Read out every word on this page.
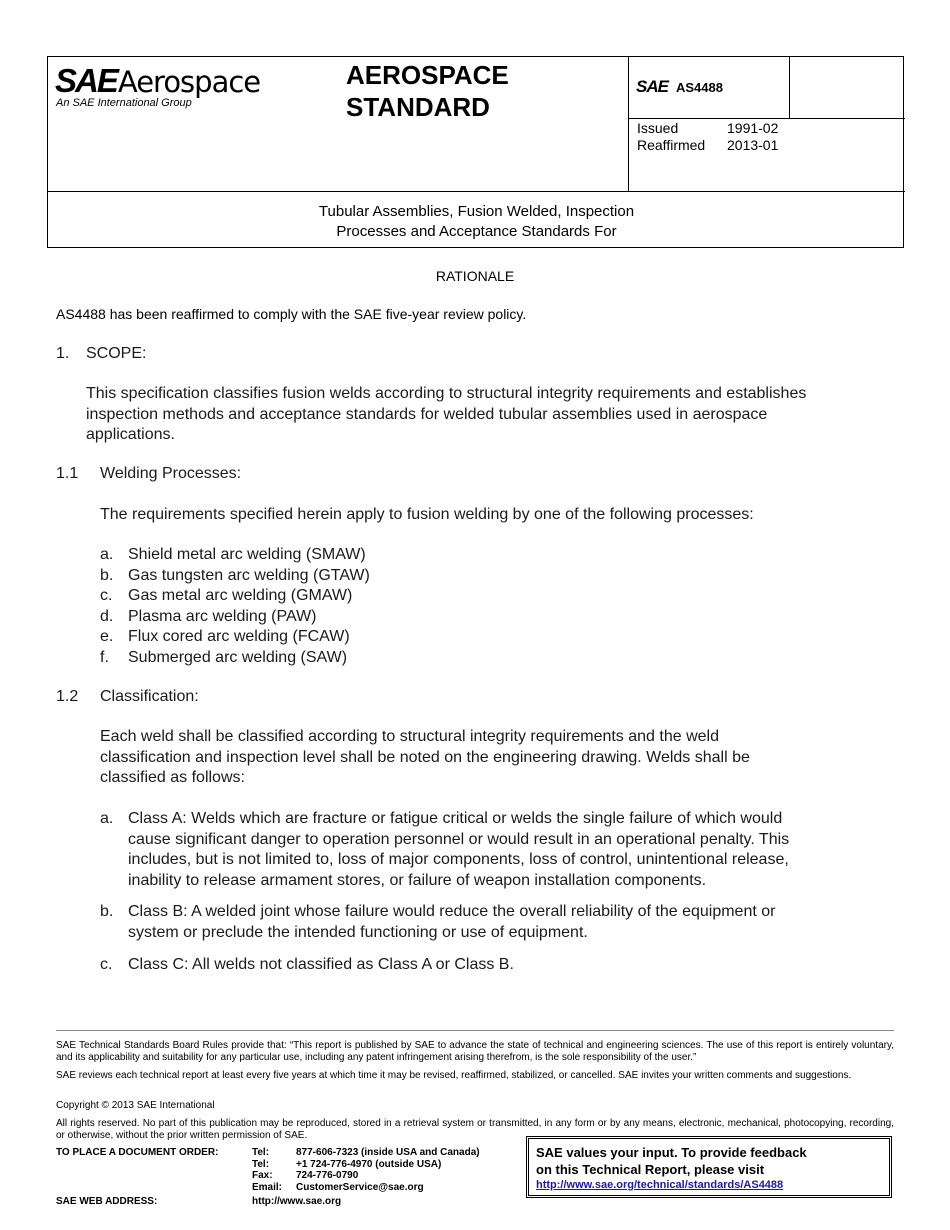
SAE Aerospace
An SAE International Group
AEROSPACE
STANDARD
SAE AS4488
Issued	1991-02
Reaffirmed	2013-01
Tubular Assemblies, Fusion Welded, Inspection
Processes and Acceptance Standards For
RATIONALE
AS4488 has been reaffirmed to comply with the SAE five-year review policy.
1. SCOPE:
This specification classifies fusion welds according to structural integrity requirements and establishes
inspection methods and acceptance standards for welded tubular assemblies used in aerospace
applications.
1.1 Welding Processes:
The requirements specified herein apply to fusion welding by one of the following processes:
a. Shield metal arc welding (SMAW)
b. Gas tungsten arc welding (GTAW)
c. Gas metal arc welding (GMAW)
d. Plasma arc welding (PAW)
e. Flux cored arc welding (FCAW)
f.	Submerged arc welding (SAW)
1.2 Classification:
Each weld shall be classified according to structural integrity requirements and the weld
classification and inspection level shall be noted on the engineering drawing. Welds shall be
classified as follows:
a. Class A: Welds which are fracture or fatigue critical or welds the single failure of which would
cause significant danger to operation personnel or would result in an operational penalty. This
includes, but is not limited to, loss of major components, loss of control, unintentional release,
inability to release armament stores, or failure of weapon installation components.
b. Class B: A welded joint whose failure would reduce the overall reliability of the equipment or
system or preclude the intended functioning or use of equipment.
c. Class C: All welds not classified as Class A or Class B.
SAE Technical Standards Board Rules provide that: “This report is published by SAE to advance the state of technical and engineering sciences. The use of this report is entirely voluntary, and its applicability and suitability for any particular use, including any patent infringement arising therefrom, is the sole responsibility of the user.”
SAE reviews each technical report at least every five years at which time it may be revised, reaffirmed, stabilized, or cancelled. SAE invites your written comments and suggestions.
Copyright © 2013 SAE International
All rights reserved. No part of this publication may be reproduced, stored in a retrieval system or transmitted, in any form or by any means, electronic, mechanical, photocopying, recording, or otherwise, without the prior written permission of SAE.
TO PLACE A DOCUMENT ORDER:	Tel:	877-606-7323 (inside USA and Canada)
Tel:	+1 724-776-4970 (outside USA)
Fax:	724-776-0790
Email:	CustomerService@sae.org
SAE WEB ADDRESS:	http://www.sae.org
SAE values your input. To provide feedback
on this Technical Report, please visit
http://www.sae.org/technical/standards/AS4488
